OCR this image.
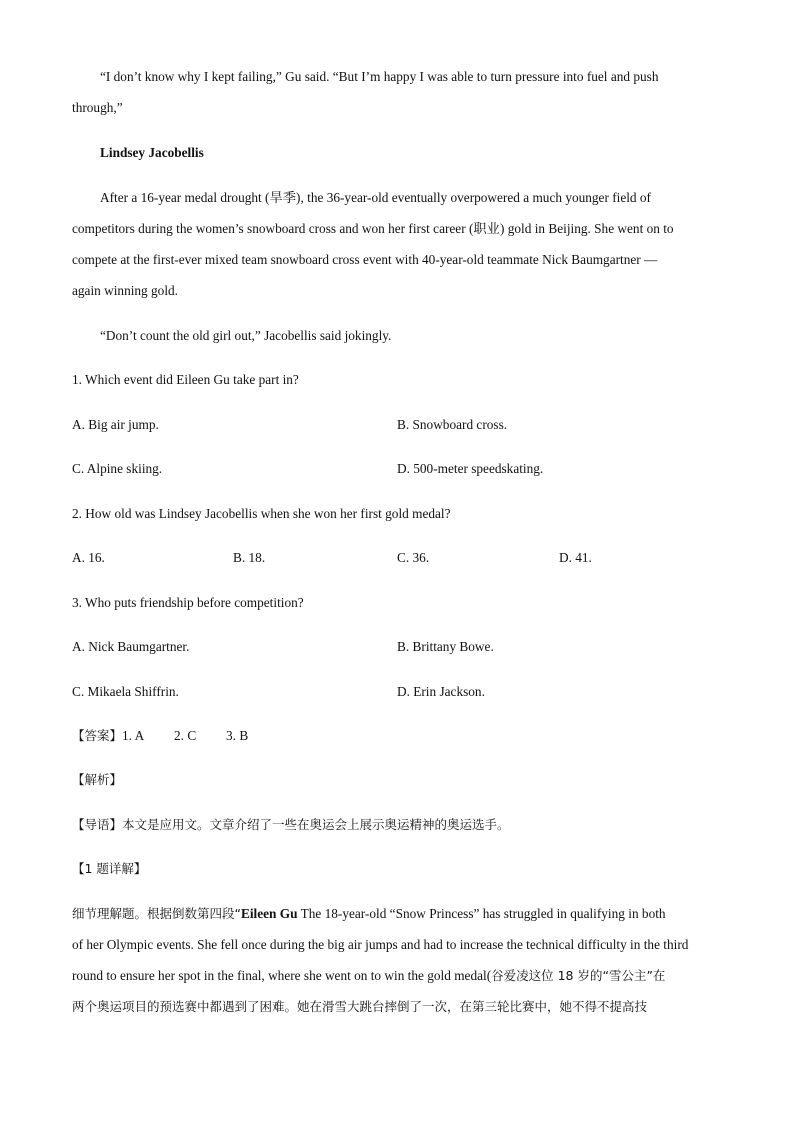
“I don’t know why I kept failing,” Gu said. “But I’m happy I was able to turn pressure into fuel and push
through,”
Lindsey Jacobellis
After a 16-year medal drought (旱季), the 36-year-old eventually overpowered a much younger field of
competitors during the women’s snowboard cross and won her first career (职业) gold in Beijing. She went on to
compete at the first-ever mixed team snowboard cross event with 40-year-old teammate Nick Baumgartner —
again winning gold.
“Don’t count the old girl out,” Jacobellis said jokingly.
1. Which event did Eileen Gu take part in?
A. Big air jump.	B. Snowboard cross.
C. Alpine skiing.	D. 500-meter speedskating.
2. How old was Lindsey Jacobellis when she won her first gold medal?
A. 16.	B. 18.	C. 36.	D. 41.
3. Who puts friendship before competition?
A. Nick Baumgartner.	B. Brittany Bowe.
C. Mikaela Shiffrin.	D. Erin Jackson.
【答案】1. A 2. C 3. B
【解析】
【导语】本文是应用文。文章介绍了一些在奥运会上展示奥运精神的奥运选手。
【1 题详解】
细节理解题。根据倒数第四段“Eileen Gu The 18-year-old “Snow Princess” has struggled in qualifying in both
of her Olympic events. She fell once during the big air jumps and had to increase the technical difficulty in the third
round to ensure her spot in the final, where she went on to win the gold medal(谷爱凌这位 18 岁的“雪公主”在
两个奥运项目的预选赛中都遇到了困难。她在滑雪大跳台摔倒了一次，在第三轮比赛中，她不得不提高技
